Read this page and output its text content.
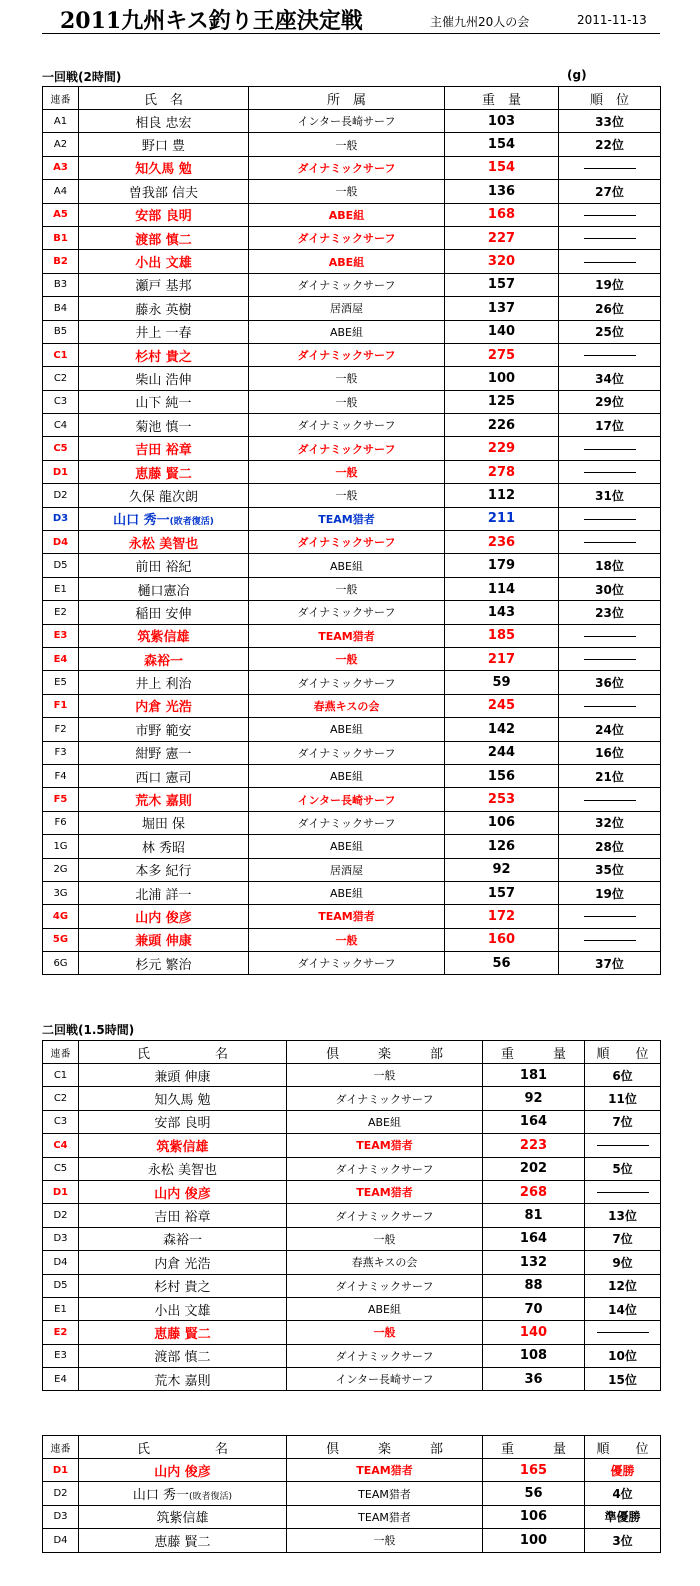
2011九州キス釣り王座決定戦	主催九州20人の会	2011-11-13
一回戦(2時間)	(g)
連番	氏　名	所　属	重　量	順　位
A1	相良 忠宏	インター長崎サーフ	103	33位
A2	野口 豊	一般	154	22位
A3	知久馬 勉	ダイナミックサーフ	154	
A4	曽我部 信夫	一般	136	27位
A5	安部 良明	ABE組	168	
B1	渡部 慎二	ダイナミックサーフ	227	
B2	小出 文雄	ABE組	320	
B3	瀬戸 基邦	ダイナミックサーフ	157	19位
B4	藤永 英樹	居酒屋	137	26位
B5	井上 一春	ABE組	140	25位
C1	杉村 貴之	ダイナミックサーフ	275	
C2	柴山 浩伸	一般	100	34位
C3	山下 純一	一般	125	29位
C4	菊池 慎一	ダイナミックサーフ	226	17位
C5	吉田 裕章	ダイナミックサーフ	229	
D1	恵藤 賢二	一般	278	
D2	久保 龍次朗	一般	112	31位
D3	山口 秀一(敗者復活)	TEAM猎者	211	
D4	永松 美智也	ダイナミックサーフ	236	
D5	前田 裕紀	ABE組	179	18位
E1	樋口憲冶	一般	114	30位
E2	稲田 安伸	ダイナミックサーフ	143	23位
E3	筑紫信雄	TEAM猎者	185	
E4	森裕一	一般	217	
E5	井上 利治	ダイナミックサーフ	59	36位
F1	内倉 光浩	春燕キスの会	245	
F2	市野 範安	ABE組	142	24位
F3	紺野 憲一	ダイナミックサーフ	244	16位
F4	西口 憲司	ABE組	156	21位
F5	荒木 嘉則	インター長崎サーフ	253	
F6	堀田 保	ダイナミックサーフ	106	32位
1G	林 秀昭	ABE組	126	28位
2G	本多 紀行	居酒屋	92	35位
3G	北浦 詳一	ABE組	157	19位
4G	山内 俊彦	TEAM猎者	172	
5G	兼頭 伸康	一般	160	
6G	杉元 繁治	ダイナミックサーフ	56	37位
二回戦(1.5時間)
連番	氏　　　　　名	倶　　　楽　　　部	重　　　量	順　　位
C1	兼頭 伸康	一般	181	6位
C2	知久馬 勉	ダイナミックサーフ	92	11位
C3	安部 良明	ABE組	164	7位
C4	筑紫信雄	TEAM猎者	223	
C5	永松 美智也	ダイナミックサーフ	202	5位
D1	山内 俊彦	TEAM猎者	268	
D2	吉田 裕章	ダイナミックサーフ	81	13位
D3	森裕一	一般	164	7位
D4	内倉 光浩	春燕キスの会	132	9位
D5	杉村 貴之	ダイナミックサーフ	88	12位
E1	小出 文雄	ABE組	70	14位
E2	恵藤 賢二	一般	140	
E3	渡部 慎二	ダイナミックサーフ	108	10位
E4	荒木 嘉則	インター長崎サーフ	36	15位
連番	氏　　　　　名	倶　　　楽　　　部	重　　　量	順　　位
D1	山内 俊彦	TEAM猎者	165	優勝
D2	山口 秀一(敗者復活)	TEAM猎者	56	4位
D3	筑紫信雄	TEAM猎者	106	準優勝
D4	恵藤 賢二	一般	100	3位
